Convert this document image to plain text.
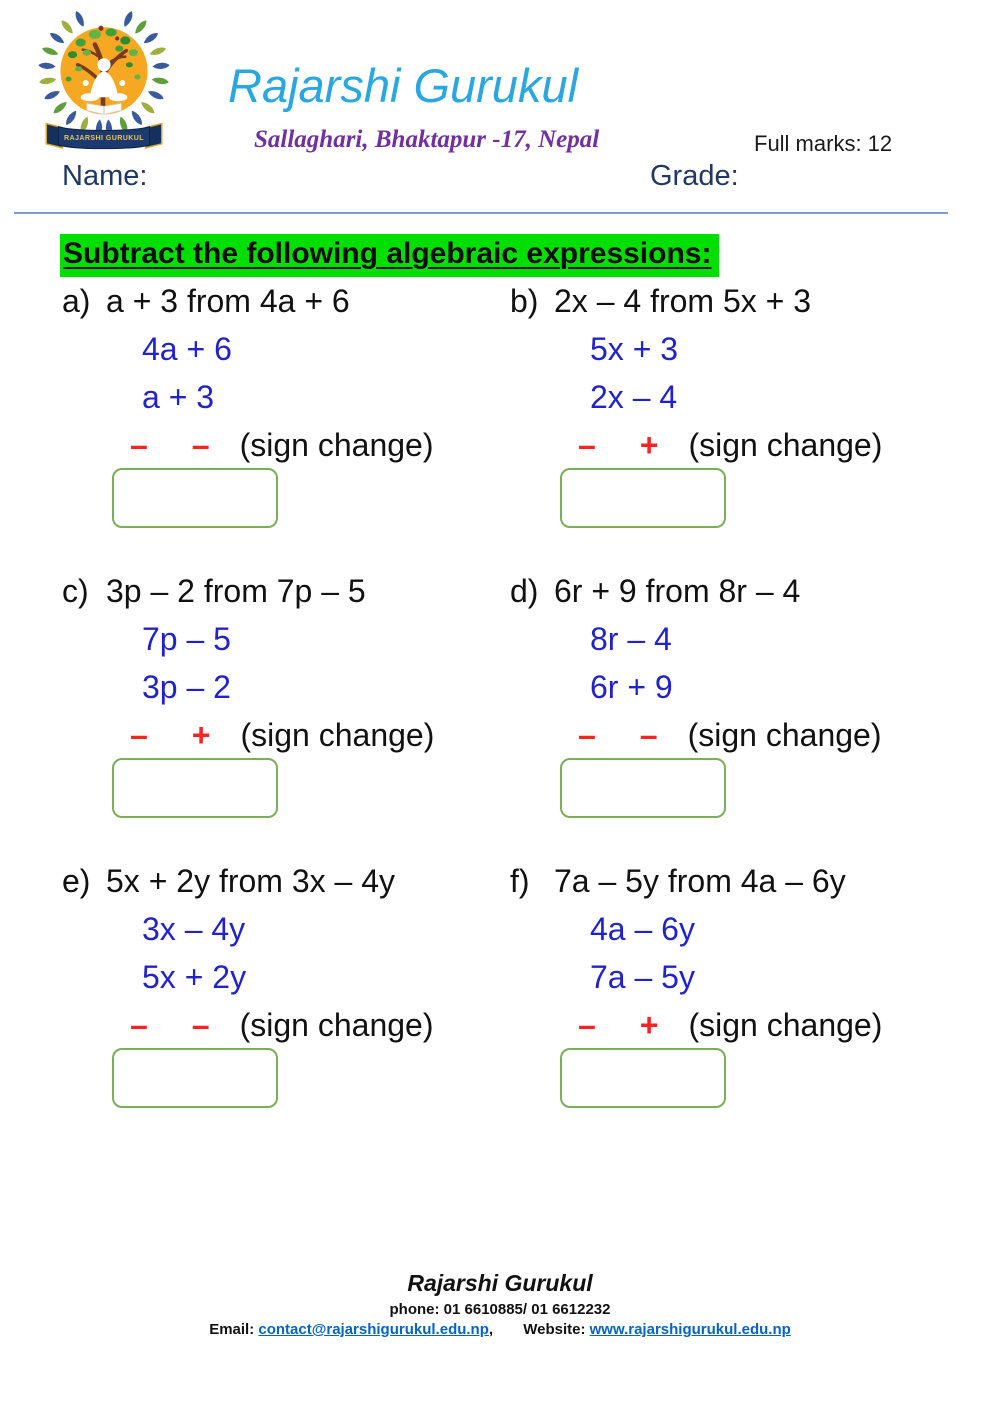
RAJARSHI GURUKUL
Rajarshi Gurukul
Sallaghari, Bhaktapur -17, Nepal	Full marks: 12
Name:	Grade:
Subtract the following algebraic expressions:
a) a + 3 from 4a + 6
4a + 6
a + 3
– – (sign change)
b) 2x – 4 from 5x + 3
5x + 3
2x – 4
– + (sign change)
c) 3p – 2 from 7p – 5
7p – 5
3p – 2
– + (sign change)
d) 6r + 9 from 8r – 4
8r – 4
6r + 9
– – (sign change)
e) 5x + 2y from 3x – 4y
3x – 4y
5x + 2y
– – (sign change)
f) 7a – 5y from 4a – 6y
4a – 6y
7a – 5y
– + (sign change)
Rajarshi Gurukul
phone: 01 6610885/ 01 6612232
Email: contact@rajarshigurukul.edu.np, Website: www.rajarshigurukul.edu.np
